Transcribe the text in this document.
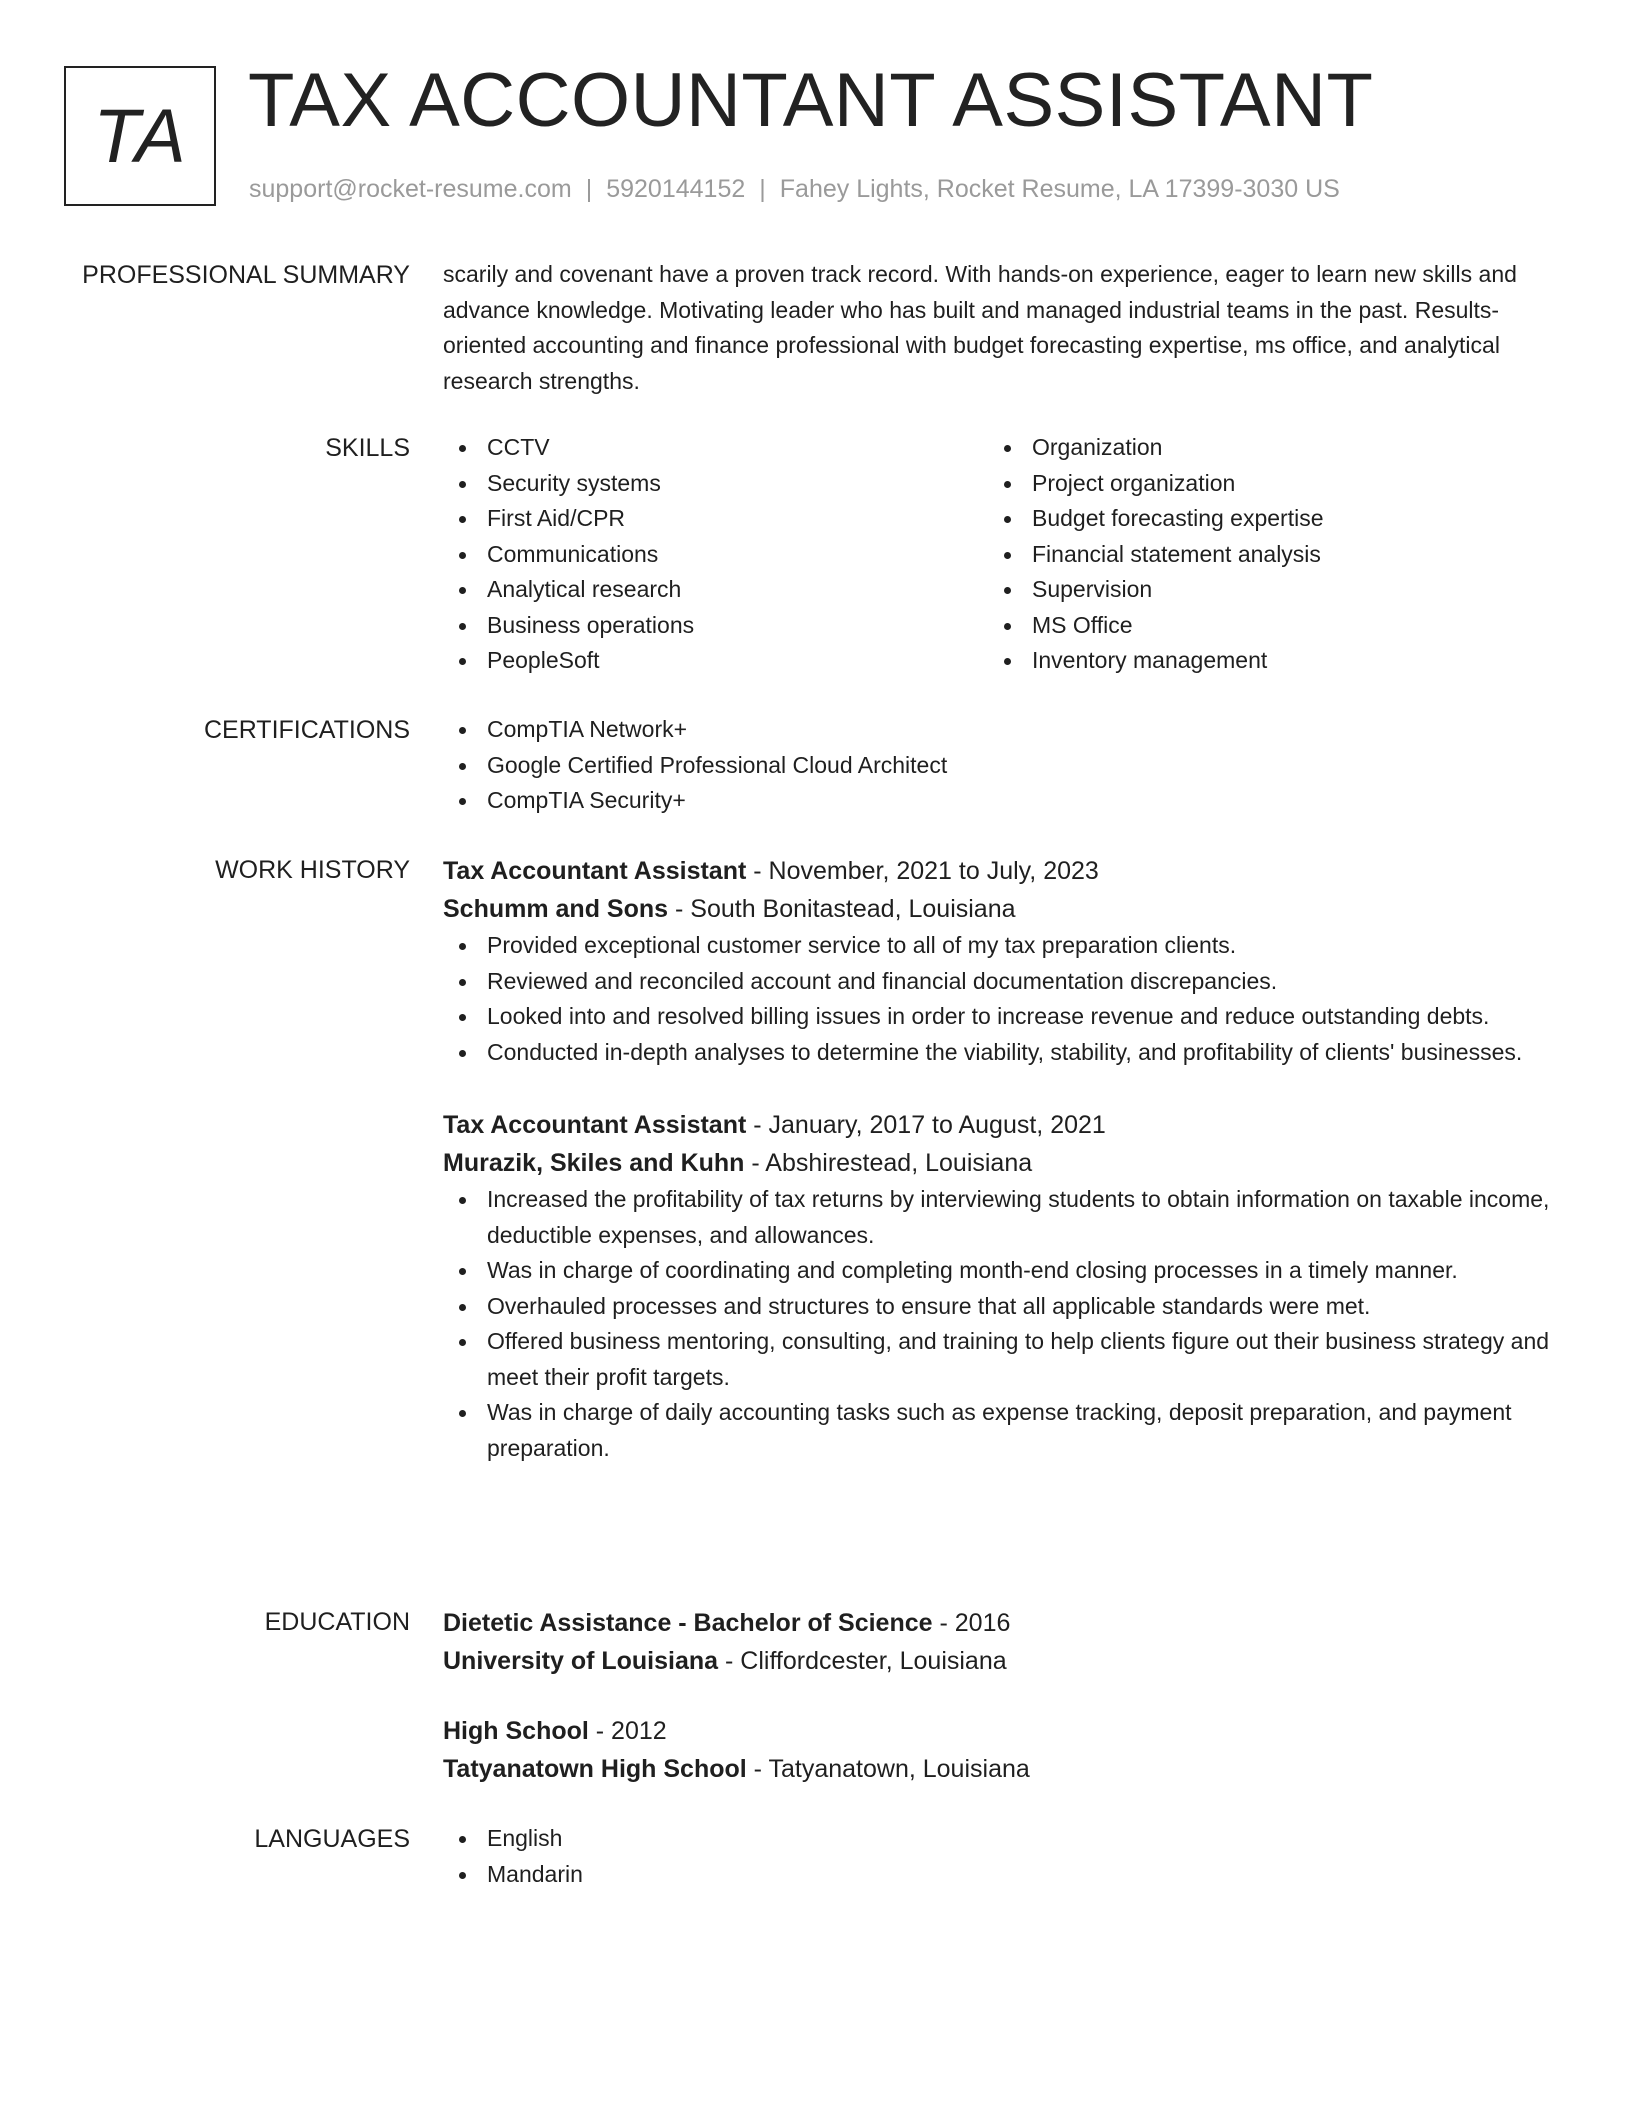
TA TAX ACCOUNTANT ASSISTANT
support@rocket-resume.com | 5920144152 | Fahey Lights, Rocket Resume, LA 17399-3030 US
PROFESSIONAL SUMMARY scarily and covenant have a proven track record. With hands-on experience, eager to learn new skills and advance knowledge. Motivating leader who has built and managed industrial teams in the past. Results-oriented accounting and finance professional with budget forecasting expertise, ms office, and analytical research strengths.

SKILLS	CCTV
Security systems
First Aid/CPR
Communications
Analytical research
Business operations
PeopleSoft
Organization
Project organization
Budget forecasting expertise
Financial statement analysis
Supervision
MS Office
Inventory management
CERTIFICATIONS	CompTIA Network+
Google Certified Professional Cloud Architect
CompTIA Security+
WORK HISTORY Tax Accountant Assistant - November, 2021 to July, 2023
Schumm and Sons - South Bonitastead, Louisiana
Provided exceptional customer service to all of my tax preparation clients.
Reviewed and reconciled account and financial documentation discrepancies.
Looked into and resolved billing issues in order to increase revenue and reduce outstanding debts.
Conducted in-depth analyses to determine the viability, stability, and profitability of clients' businesses.
Tax Accountant Assistant - January, 2017 to August, 2021
Murazik, Skiles and Kuhn - Abshirestead, Louisiana
Increased the profitability of tax returns by interviewing students to obtain information on taxable income, deductible expenses, and allowances.
Was in charge of coordinating and completing month-end closing processes in a timely manner.
Overhauled processes and structures to ensure that all applicable standards were met.
Offered business mentoring, consulting, and training to help clients figure out their business strategy and meet their profit targets.
Was in charge of daily accounting tasks such as expense tracking, deposit preparation, and payment preparation.
EDUCATION Dietetic Assistance - Bachelor of Science - 2016
University of Louisiana - Cliffordcester, Louisiana
High School - 2012
Tatyanatown High School - Tatyanatown, Louisiana
LANGUAGES	English
Mandarin
